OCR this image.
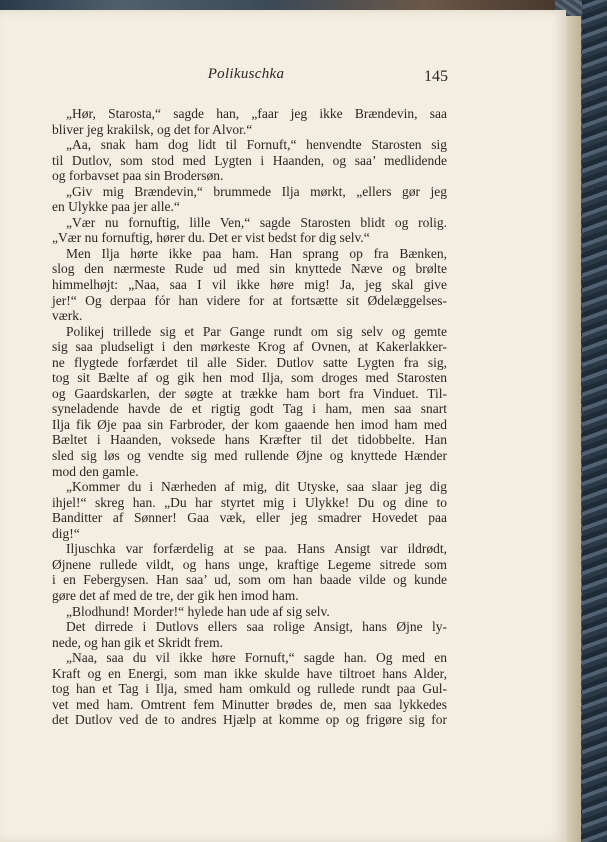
Polikuschka	145
„Hør, Starosta,“ sagde han, „faar jeg ikke Brændevin, saa
bliver jeg krakilsk, og det for Alvor.“
„Aa, snak ham dog lidt til Fornuft,“ henvendte Starosten sig
til Dutlov, som stod med Lygten i Haanden, og saa’ medlidende
og forbavset paa sin Brodersøn.
„Giv mig Brændevin,“ brummede Ilja mørkt, „ellers gør jeg
en Ulykke paa jer alle.“
„Vær nu fornuftig, lille Ven,“ sagde Starosten blidt og rolig.
„Vær nu fornuftig, hører du. Det er vist bedst for dig selv.“
Men Ilja hørte ikke paa ham. Han sprang op fra Bænken,
slog den nærmeste Rude ud med sin knyttede Næve og brølte
himmelhøjt: „Naa, saa I vil ikke høre mig! Ja, jeg skal give
jer!“ Og derpaa fór han videre for at fortsætte sit Ødelæggelses-
værk.
Polikej trillede sig et Par Gange rundt om sig selv og gemte
sig saa pludseligt i den mørkeste Krog af Ovnen, at Kakerlakker-
ne flygtede forfærdet til alle Sider. Dutlov satte Lygten fra sig,
tog sit Bælte af og gik hen mod Ilja, som droges med Starosten
og Gaardskarlen, der søgte at trække ham bort fra Vinduet. Til-
syneladende havde de et rigtig godt Tag i ham, men saa snart
Ilja fik Øje paa sin Farbroder, der kom gaaende hen imod ham med
Bæltet i Haanden, voksede hans Kræfter til det tidobbelte. Han
sled sig løs og vendte sig med rullende Øjne og knyttede Hænder
mod den gamle.
„Kommer du i Nærheden af mig, dit Utyske, saa slaar jeg dig
ihjel!“ skreg han. „Du har styrtet mig i Ulykke! Du og dine to
Banditter af Sønner! Gaa væk, eller jeg smadrer Hovedet paa
dig!“
Iljuschka var forfærdelig at se paa. Hans Ansigt var ildrødt,
Øjnene rullede vildt, og hans unge, kraftige Legeme sitrede som
i en Febergysen. Han saa’ ud, som om han baade vilde og kunde
gøre det af med de tre, der gik hen imod ham.
„Blodhund! Morder!“ hylede han ude af sig selv.
Det dirrede i Dutlovs ellers saa rolige Ansigt, hans Øjne ly-
nede, og han gik et Skridt frem.
„Naa, saa du vil ikke høre Fornuft,“ sagde han. Og med en
Kraft og en Energi, som man ikke skulde have tiltroet hans Alder,
tog han et Tag i Ilja, smed ham omkuld og rullede rundt paa Gul-
vet med ham. Omtrent fem Minutter brødes de, men saa lykkedes
det Dutlov ved de to andres Hjælp at komme op og frigøre sig for
